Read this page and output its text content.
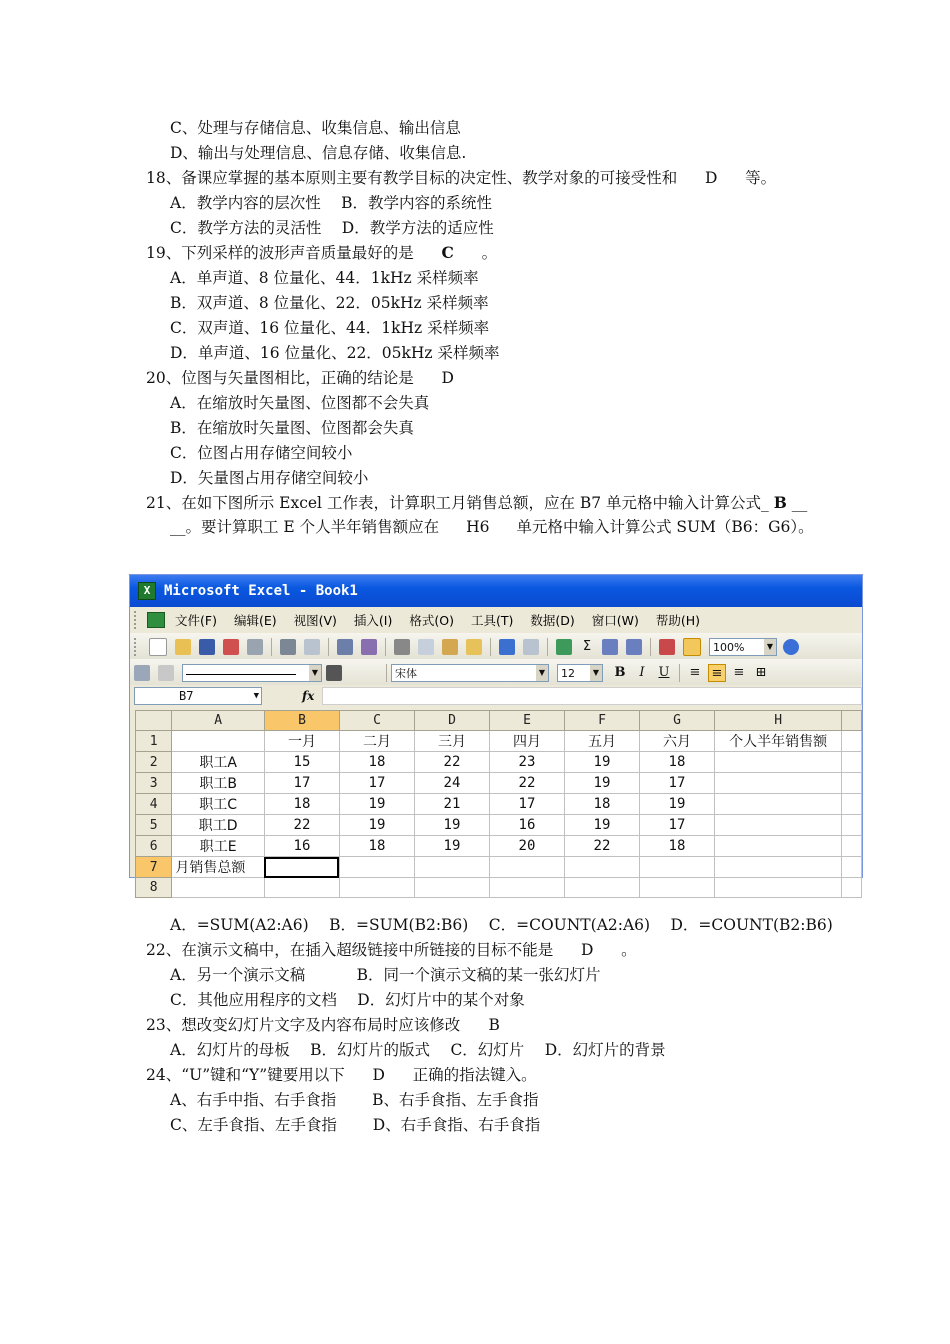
C、处理与存储信息、收集信息、输出信息
D、输出与处理信息、信息存储、收集信息.
18、备课应掌握的基本原则主要有教学目标的决定性、教学对象的可接受性和 D 等。
A．教学内容的层次性　 B．教学内容的系统性
C．教学方法的灵活性　 D．教学方法的适应性
19、下列采样的波形声音质量最好的是 C 。
A．单声道、8 位量化、44．1kHz 采样频率
B．双声道、8 位量化、22．05kHz 采样频率
C．双声道、16 位量化、44．1kHz 采样频率
D．单声道、16 位量化、22．05kHz 采样频率
20、位图与矢量图相比，正确的结论是 D
A．在缩放时矢量图、位图都不会失真
B．在缩放时矢量图、位图都会失真
C．位图占用存储空间较小
D．矢量图占用存储空间较小
21、在如下图所示 Excel 工作表，计算职工月销售总额，应在 B7 单元格中输入计算公式_ B __
__。要计算职工 E 个人半年销售额应在 H6 单元格中输入计算公式 SUM（B6：G6）。
X Microsoft Excel - Book1
文件(F) 编辑(E) 视图(V) 插入(I) 格式(O) 工具(T) 数据(D) 窗口(W) 帮助(H)
Σ	100%	▼
▼	宋体	▼	12	▼ B	I	U ≡ ≡ ≡ ⊞
B7	▼	fx
	A	B	C	D	E	F	G	H	
1		一月	二月	三月	四月	五月	六月	个人半年销售额	
2	职工A	15	18	22	23	19	18		
3	职工B	17	17	24	22	19	17		
4	职工C	18	19	21	17	18	19		
5	职工D	22	19	19	16	19	17		
6	职工E	16	18	19	20	22	18		
7	月销售总额								
8									
A．=SUM(A2:A6)　 B．=SUM(B2:B6)　 C．=COUNT(A2:A6)　 D．=COUNT(B2:B6)
22、在演示文稿中，在插入超级链接中所链接的目标不能是 D 。
A．另一个演示文稿　　　 B．同一个演示文稿的某一张幻灯片
C．其他应用程序的文档　 D．幻灯片中的某个对象
23、想改变幻灯片文字及内容布局时应该修改 B
A．幻灯片的母板　 B．幻灯片的版式　 C．幻灯片　 D．幻灯片的背景
24、“U”键和“Y”键要用以下 D 正确的指法键入。
A、右手中指、右手食指　　 B、右手食指、左手食指
C、左手食指、左手食指　　 D、右手食指、右手食指
